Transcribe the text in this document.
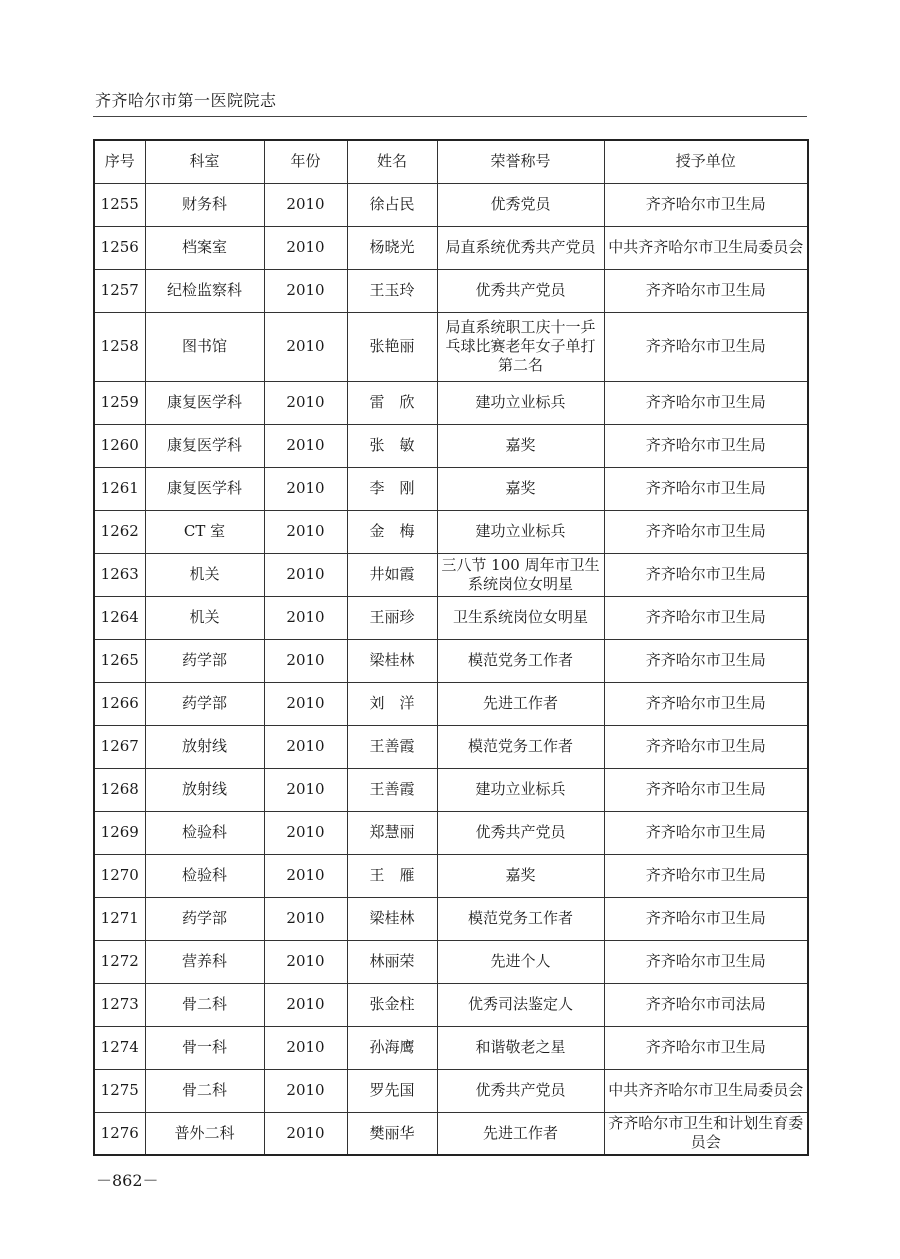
齐齐哈尔市第一医院院志
序号	科室	年份	姓名	荣誉称号	授予单位
1255	财务科	2010	徐占民	优秀党员	齐齐哈尔市卫生局
1256	档案室	2010	杨晓光	局直系统优秀共产党员	中共齐齐哈尔市卫生局委员会
1257	纪检监察科	2010	王玉玲	优秀共产党员	齐齐哈尔市卫生局
1258	图书馆	2010	张艳丽	局直系统职工庆十一乒乓球比赛老年女子单打第二名	齐齐哈尔市卫生局
1259	康复医学科	2010	雷　欣	建功立业标兵	齐齐哈尔市卫生局
1260	康复医学科	2010	张　敏	嘉奖	齐齐哈尔市卫生局
1261	康复医学科	2010	李　刚	嘉奖	齐齐哈尔市卫生局
1262	CT 室	2010	金　梅	建功立业标兵	齐齐哈尔市卫生局
1263	机关	2010	井如霞	三八节 100 周年市卫生系统岗位女明星	齐齐哈尔市卫生局
1264	机关	2010	王丽珍	卫生系统岗位女明星	齐齐哈尔市卫生局
1265	药学部	2010	梁桂林	模范党务工作者	齐齐哈尔市卫生局
1266	药学部	2010	刘　洋	先进工作者	齐齐哈尔市卫生局
1267	放射线	2010	王善霞	模范党务工作者	齐齐哈尔市卫生局
1268	放射线	2010	王善霞	建功立业标兵	齐齐哈尔市卫生局
1269	检验科	2010	郑慧丽	优秀共产党员	齐齐哈尔市卫生局
1270	检验科	2010	王　雁	嘉奖	齐齐哈尔市卫生局
1271	药学部	2010	梁桂林	模范党务工作者	齐齐哈尔市卫生局
1272	营养科	2010	林丽荣	先进个人	齐齐哈尔市卫生局
1273	骨二科	2010	张金柱	优秀司法鉴定人	齐齐哈尔市司法局
1274	骨一科	2010	孙海鹰	和谐敬老之星	齐齐哈尔市卫生局
1275	骨二科	2010	罗先国	优秀共产党员	中共齐齐哈尔市卫生局委员会
1276	普外二科	2010	樊丽华	先进工作者	齐齐哈尔市卫生和计划生育委员会
－862－
